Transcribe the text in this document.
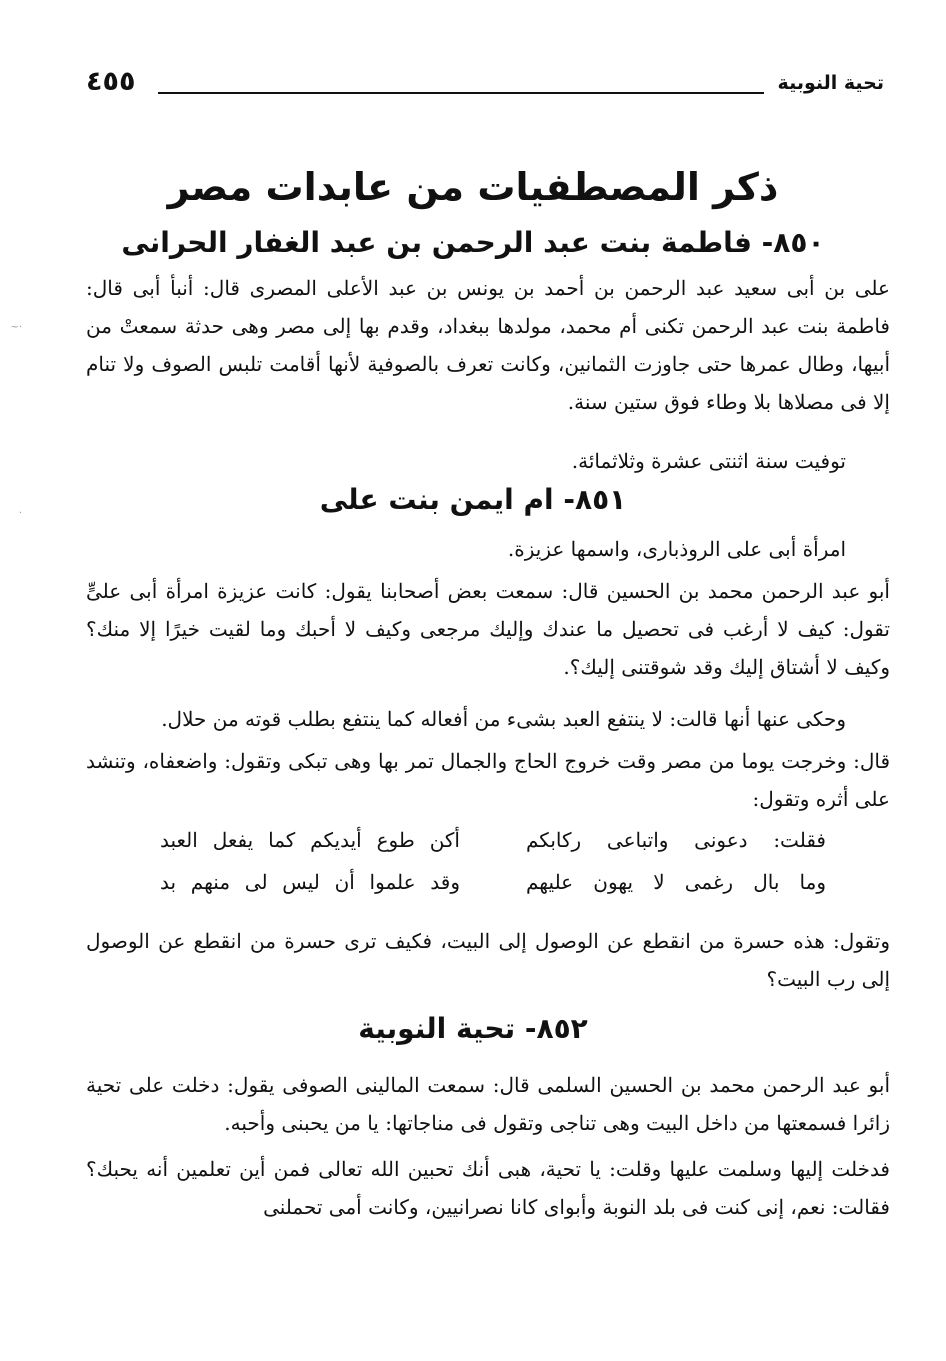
تحية النوبية
٤٥٥
ذكر المصطفيات من عابدات مصر
٨٥٠- فاطمة بنت عبد الرحمن بن عبد الغفار الحرانى
على بن أبى سعيد عبد الرحمن بن أحمد بن يونس بن عبد الأعلى المصرى قال: أنبأ أبى قال: فاطمة بنت عبد الرحمن تكنى أم محمد، مولدها ببغداد، وقدم بها إلى مصر وهى حدثة سمعتْ من أبيها، وطال عمرها حتى جاوزت الثمانين، وكانت تعرف بالصوفية لأنها أقامت تلبس الصوف ولا تنام إلا فى مصلاها بلا وطاء فوق ستين سنة.
توفيت سنة اثنتى عشرة وثلاثمائة.
٨٥١- ام ايمن بنت على
امرأة أبى على الروذبارى، واسمها عزيزة.
أبو عبد الرحمن محمد بن الحسين قال: سمعت بعض أصحابنا يقول: كانت عزيزة امرأة أبى علىٍّ تقول: كيف لا أرغب فى تحصيل ما عندك وإليك مرجعى وكيف لا أحبك وما لقيت خيرًا إلا منك؟ وكيف لا أشتاق إليك وقد شوقتنى إليك؟.
وحكى عنها أنها قالت: لا ينتفع العبد بشىء من أفعاله كما ينتفع بطلب قوته من حلال.
قال: وخرجت يوما من مصر وقت خروج الحاج والجمال تمر بها وهى تبكى وتقول: واضعفاه، وتنشد على أثره وتقول:
فقلت: دعونى واتباعى ركابكم
أكن طوع أيديكم كما يفعل العبد
وما بال رغمى لا يهون عليهم
وقد علموا أن ليس لى منهم بد
وتقول: هذه حسرة من انقطع عن الوصول إلى البيت، فكيف ترى حسرة من انقطع عن الوصول إلى رب البيت؟
٨٥٢- تحية النوبية
أبو عبد الرحمن محمد بن الحسين السلمى قال: سمعت المالينى الصوفى يقول: دخلت على تحية زائرا فسمعتها من داخل البيت وهى تناجى وتقول فى مناجاتها: يا من يحبنى وأحبه.
فدخلت إليها وسلمت عليها وقلت: يا تحية، هبى أنك تحبين الله تعالى فمن أين تعلمين أنه يحبك؟ فقالت: نعم، إنى كنت فى بلد النوبة وأبواى كانا نصرانيين، وكانت أمى تحملنى
·~
·
